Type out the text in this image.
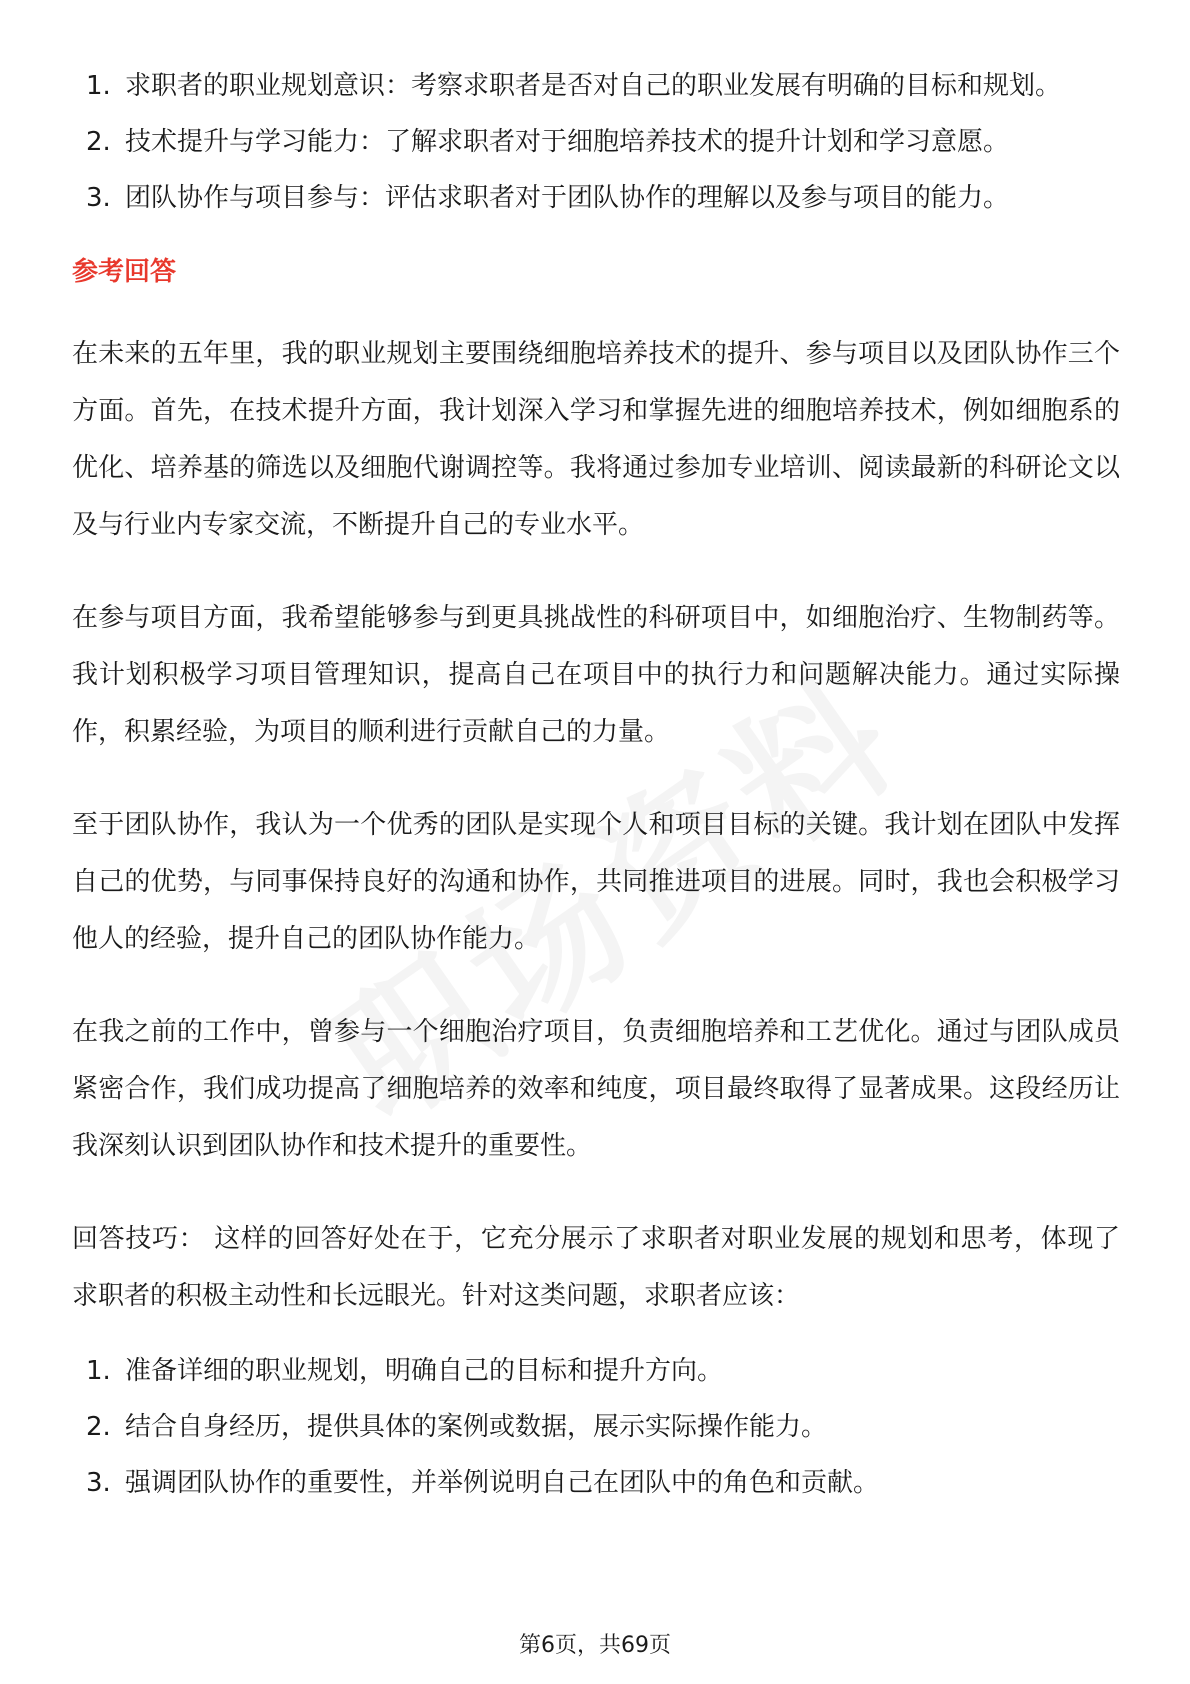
1. 求职者的职业规划意识：考察求职者是否对自己的职业发展有明确的目标和规划。
2. 技术提升与学习能力：了解求职者对于细胞培养技术的提升计划和学习意愿。
3. 团队协作与项目参与：评估求职者对于团队协作的理解以及参与项目的能力。
参考回答

在未来的五年里，我的职业规划主要围绕细胞培养技术的提升、参与项目以及团队协作三个方面。首先，在技术提升方面，我计划深入学习和掌握先进的细胞培养技术，例如细胞系的优化、培养基的筛选以及细胞代谢调控等。我将通过参加专业培训、阅读最新的科研论文以及与行业内专家交流，不断提升自己的专业水平。

在参与项目方面，我希望能够参与到更具挑战性的科研项目中，如细胞治疗、生物制药等。我计划积极学习项目管理知识，提高自己在项目中的执行力和问题解决能力。通过实际操作，积累经验，为项目的顺利进行贡献自己的力量。

至于团队协作，我认为一个优秀的团队是实现个人和项目目标的关键。我计划在团队中发挥自己的优势，与同事保持良好的沟通和协作，共同推进项目的进展。同时，我也会积极学习他人的经验，提升自己的团队协作能力。

在我之前的工作中，曾参与一个细胞治疗项目，负责细胞培养和工艺优化。通过与团队成员紧密合作，我们成功提高了细胞培养的效率和纯度，项目最终取得了显著成果。这段经历让我深刻认识到团队协作和技术提升的重要性。

回答技巧： 这样的回答好处在于，它充分展示了求职者对职业发展的规划和思考，体现了求职者的积极主动性和长远眼光。针对这类问题，求职者应该：

1. 准备详细的职业规划，明确自己的目标和提升方向。
2. 结合自身经历，提供具体的案例或数据，展示实际操作能力。
3. 强调团队协作的重要性，并举例说明自己在团队中的角色和贡献。
第6页，共69页
